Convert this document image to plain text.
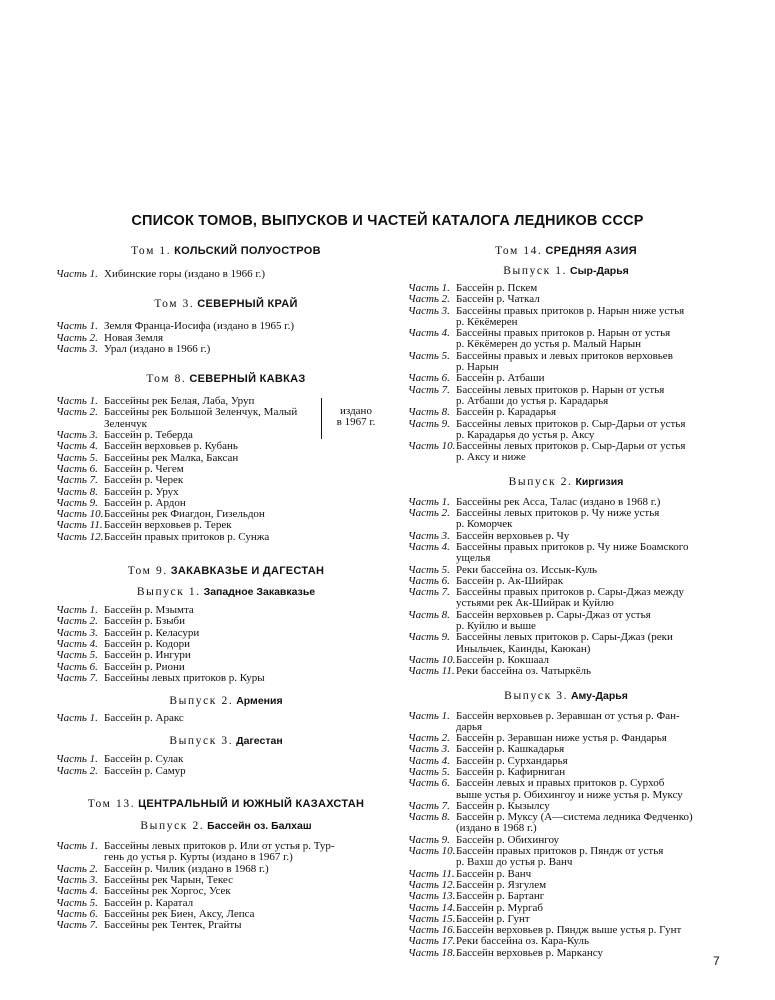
СПИСОК ТОМОВ, ВЫПУСКОВ И ЧАСТЕЙ КАТАЛОГА ЛЕДНИКОВ СССР
Том 1. КОЛЬСКИЙ ПОЛУОСТРОВ
Часть 1. Хибинские горы (издано в 1966 г.)
Том 3. СЕВЕРНЫЙ КРАЙ
Часть 1. Земля Франца-Иосифа (издано в 1965 г.)
Часть 2. Новая Земля
Часть 3. Урал (издано в 1966 г.)
Том 8. СЕВЕРНЫЙ КАВКАЗ
издано
в 1967 г.
Часть 1. Бассейны рек Белая, Лаба, Уруп
Часть 2. Бассейны рек Большой Зеленчук, Малый
Зеленчук
Часть 3. Бассейн р. Теберда
Часть 4. Бассейн верховьев р. Кубань
Часть 5. Бассейны рек Малка, Баксан
Часть 6. Бассейн р. Чегем
Часть 7. Бассейн р. Черек
Часть 8. Бассейн р. Урух
Часть 9. Бассейн р. Ардон
Часть 10. Бассейны рек Фиагдон, Гизельдон
Часть 11. Бассейн верховьев р. Терек
Часть 12. Бассейн правых притоков р. Сунжа
Том 9. ЗАКАВКАЗЬЕ И ДАГЕСТАН
Выпуск 1. Западное Закавказье
Часть 1. Бассейн р. Мзымта
Часть 2. Бассейн р. Бзыби
Часть 3. Бассейн р. Келасури
Часть 4. Бассейн р. Кодори
Часть 5. Бассейн р. Ингури
Часть 6. Бассейн р. Риони
Часть 7. Бассейны левых притоков р. Куры
Выпуск 2. Армения
Часть 1. Бассейн р. Аракс
Выпуск 3. Дагестан
Часть 1. Бассейн р. Сулак
Часть 2. Бассейн р. Самур
Том 13. ЦЕНТРАЛЬНЫЙ И ЮЖНЫЙ КАЗАХСТАН
Выпуск 2. Бассейн оз. Балхаш
Часть 1. Бассейны левых притоков р. Или от устья р. Тур-
гень до устья р. Курты (издано в 1967 г.)
Часть 2. Бассейн р. Чилик (издано в 1968 г.)
Часть 3. Бассейны рек Чарын, Текес
Часть 4. Бассейны рек Хоргос, Усек
Часть 5. Бассейн р. Каратал
Часть 6. Бассейны рек Биен, Аксу, Лепса
Часть 7. Бассейны рек Тентек, Ргайты
Том 14. СРЕДНЯЯ АЗИЯ
Выпуск 1. Сыр-Дарья
Часть 1. Бассейн р. Пскем
Часть 2. Бассейн р. Чаткал
Часть 3. Бассейны правых притоков р. Нарын ниже устья
р. Кёкёмерен
Часть 4. Бассейны правых притоков р. Нарын от устья
р. Кёкёмерен до устья р. Малый Нарын
Часть 5. Бассейны правых и левых притоков верховьев
р. Нарын
Часть 6. Бассейн р. Атбаши
Часть 7. Бассейны левых притоков р. Нарын от устья
р. Атбаши до устья р. Карадарья
Часть 8. Бассейн р. Карадарья
Часть 9. Бассейны левых притоков р. Сыр-Дарьи от устья
р. Карадарья до устья р. Аксу
Часть 10. Бассейны левых притоков р. Сыр-Дарьи от устья
р. Аксу и ниже
Выпуск 2. Киргизия
Часть 1. Бассейны рек Асса, Талас (издано в 1968 г.)
Часть 2. Бассейны левых притоков р. Чу ниже устья
р. Коморчек
Часть 3. Бассейн верховьев р. Чу
Часть 4. Бассейны правых притоков р. Чу ниже Боамского
ущелья
Часть 5. Реки бассейна оз. Иссык-Куль
Часть 6. Бассейн р. Ак-Шийрак
Часть 7. Бассейны правых притоков р. Сары-Джаз между
устьями рек Ак-Шийрак и Куйлю
Часть 8. Бассейн верховьев р. Сары-Джаз от устья
р. Куйлю и выше
Часть 9. Бассейны левых притоков р. Сары-Джаз (реки
Иныльчек, Каинды, Каюкан)
Часть 10. Бассейн р. Кокшаал
Часть 11. Реки бассейна оз. Чатыркёль
Выпуск 3. Аму-Дарья
Часть 1. Бассейн верховьев р. Зеравшан от устья р. Фан-
дарья
Часть 2. Бассейн р. Зеравшан ниже устья р. Фандарья
Часть 3. Бассейн р. Кашкадарья
Часть 4. Бассейн р. Сурхандарья
Часть 5. Бассейн р. Кафирниган
Часть 6. Бассейн левых и правых притоков р. Сурхоб
выше устья р. Обихингоу и ниже устья р. Муксу
Часть 7. Бассейн р. Кызылсу
Часть 8. Бассейн р. Муксу (А—система ледника Федченко)
(издано в 1968 г.)
Часть 9. Бассейн р. Обихингоу
Часть 10. Бассейн правых притоков р. Пяндж от устья
р. Вахш до устья р. Ванч
Часть 11. Бассейн р. Ванч
Часть 12. Бассейн р. Язгулем
Часть 13. Бассейн р. Бартанг
Часть 14. Бассейн р. Мургаб
Часть 15. Бассейн р. Гунт
Часть 16. Бассейн верховьев р. Пяндж выше устья р. Гунт
Часть 17. Реки бассейна оз. Кара-Куль
Часть 18. Бассейн верховьев р. Маркансу
7
